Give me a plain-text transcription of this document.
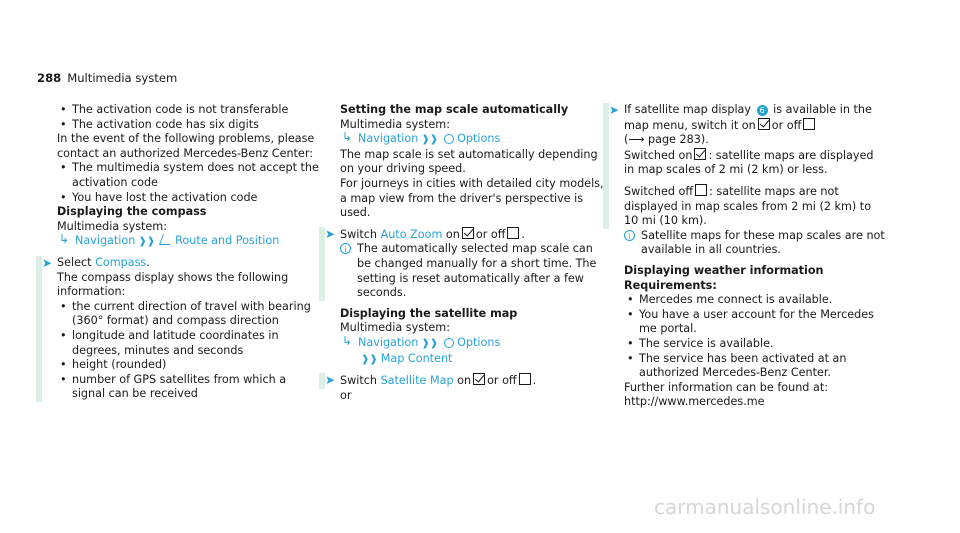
288 Multimedia system

• The activation code is not transferable

• The activation code has six digits

In the event of the following problems, please contact an authorized Mercedes-Benz Center:

• The multimedia system does not accept the activation code

• You have lost the activation code

Displaying the compass

Multimedia system:

↳ Navigation ❱❱ Route and Position

➤ Select Compass.

The compass display shows the following information:

• the current direction of travel with bearing (360° format) and compass direction

• longitude and latitude coordinates in degrees, minutes and seconds

• height (rounded)

• number of GPS satellites from which a signal can be received

Setting the map scale automatically

Multimedia system:

↳ Navigation ❱❱ Options

The map scale is set automatically depending on your driving speed.

For journeys in cities with detailed city models, a map view from the driver's perspective is used.

➤ Switch Auto Zoom on or off .

i The automatically selected map scale can be changed manually for a short time. The setting is reset automatically after a few seconds.

Displaying the satellite map

Multimedia system:

↳ Navigation ❱❱ Options
❱❱ Map Content

➤ Switch Satellite Map on or off .

or

➤ If satellite map display 6 is available in the map menu, switch it on or off
(⟶ page 283).
Switched on : satellite maps are displayed in map scales of 2 mi (2 km) or less.

Switched off : satellite maps are not displayed in map scales from 2 mi (2 km) to 10 mi (10 km).

i Satellite maps for these map scales are not available in all countries.

Displaying weather information

Requirements:

• Mercedes me connect is available.

• You have a user account for the Mercedes me portal.

• The service is available.

• The service has been activated at an authorized Mercedes-Benz Center.

Further information can be found at: http://www.mercedes.me

carmanualsonline.info
